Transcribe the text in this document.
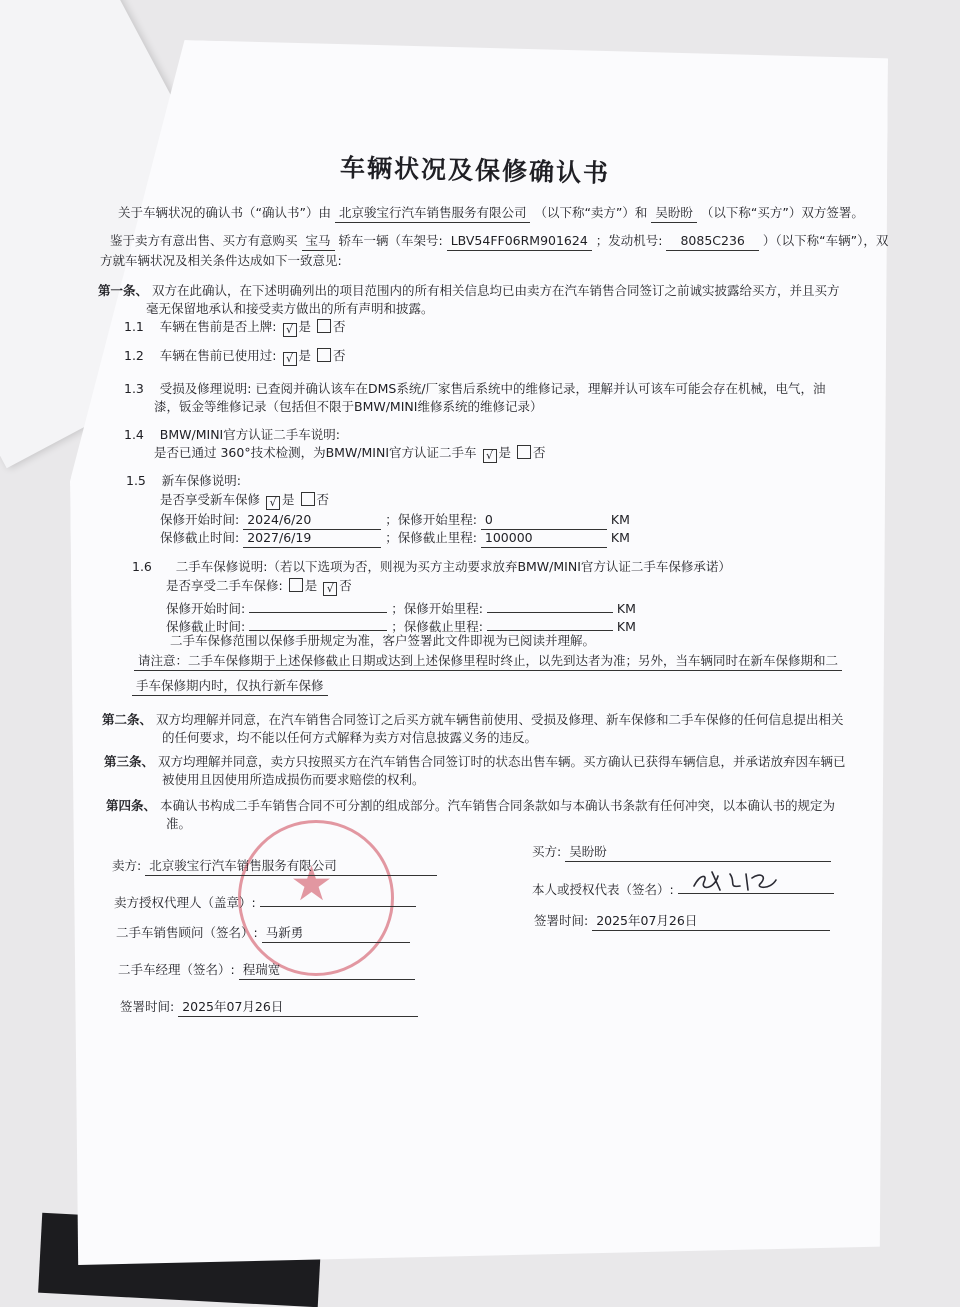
车辆状况及保修确认书
关于车辆状况的确认书（“确认书”）由 北京骏宝行汽车销售服务有限公司 （以下称“卖方”）和 吴盼盼 （以下称“买方”）双方签署。
鉴于卖方有意出售、买方有意购买 宝马 轿车一辆（车架号: LBV54FF06RM901624 ；发动机号: 8085C236 ）（以下称“车辆”），双
方就车辆状况及相关条件达成如下一致意见:
第一条、 双方在此确认，在下述明确列出的项目范围内的所有相关信息均已由卖方在汽车销售合同签订之前诚实披露给买方，并且买方
毫无保留地承认和接受卖方做出的所有声明和披露。
1.1 车辆在售前是否上牌: √ 是 否
1.2 车辆在售前已使用过: √ 是 否
1.3 受损及修理说明: 已查阅并确认该车在DMS系统/厂家售后系统中的维修记录，理解并认可该车可能会存在机械，电气，油
漆，钣金等维修记录（包括但不限于BMW/MINI维修系统的维修记录）
1.4 BMW/MINI官方认证二手车说明:
是否已通过 360°技术检测，为BMW/MINI官方认证二手车 √ 是 否
1.5 新车保修说明:
是否享受新车保修 √ 是 否
保修开始时间: 2024/6/20	；保修开始里程: 0	KM
保修截止时间: 2027/6/19	；保修截止里程: 100000	KM
1.6 二手车保修说明:（若以下选项为否，则视为买方主动要求放弃BMW/MINI官方认证二手车保修承诺）
是否享受二手车保修: 是 √ 否
保修开始时间:	；保修开始里程:	KM
保修截止时间:	；保修截止里程:	KM
二手车保修范围以保修手册规定为准，客户签署此文件即视为已阅读并理解。
请注意：二手车保修期于上述保修截止日期或达到上述保修里程时终止，以先到达者为准；另外，当车辆同时在新车保修期和二
手车保修期内时，仅执行新车保修
第二条、 双方均理解并同意，在汽车销售合同签订之后买方就车辆售前使用、受损及修理、新车保修和二手车保修的任何信息提出相关
的任何要求，均不能以任何方式解释为卖方对信息披露义务的违反。
第三条、 双方均理解并同意，卖方只按照买方在汽车销售合同签订时的状态出售车辆。买方确认已获得车辆信息，并承诺放弃因车辆已
被使用且因使用所造成损伤而要求赔偿的权利。
第四条、 本确认书构成二手车销售合同不可分割的组成部分。汽车销售合同条款如与本确认书条款有任何冲突，以本确认书的规定为
准。
★
卖方: 北京骏宝行汽车销售服务有限公司
卖方授权代理人（盖章）:
二手车销售顾问（签名）: 马新勇
二手车经理（签名）: 程瑞宽
签署时间: 2025年07月26日
买方: 吴盼盼
本人或授权代表（签名）:
签署时间: 2025年07月26日
